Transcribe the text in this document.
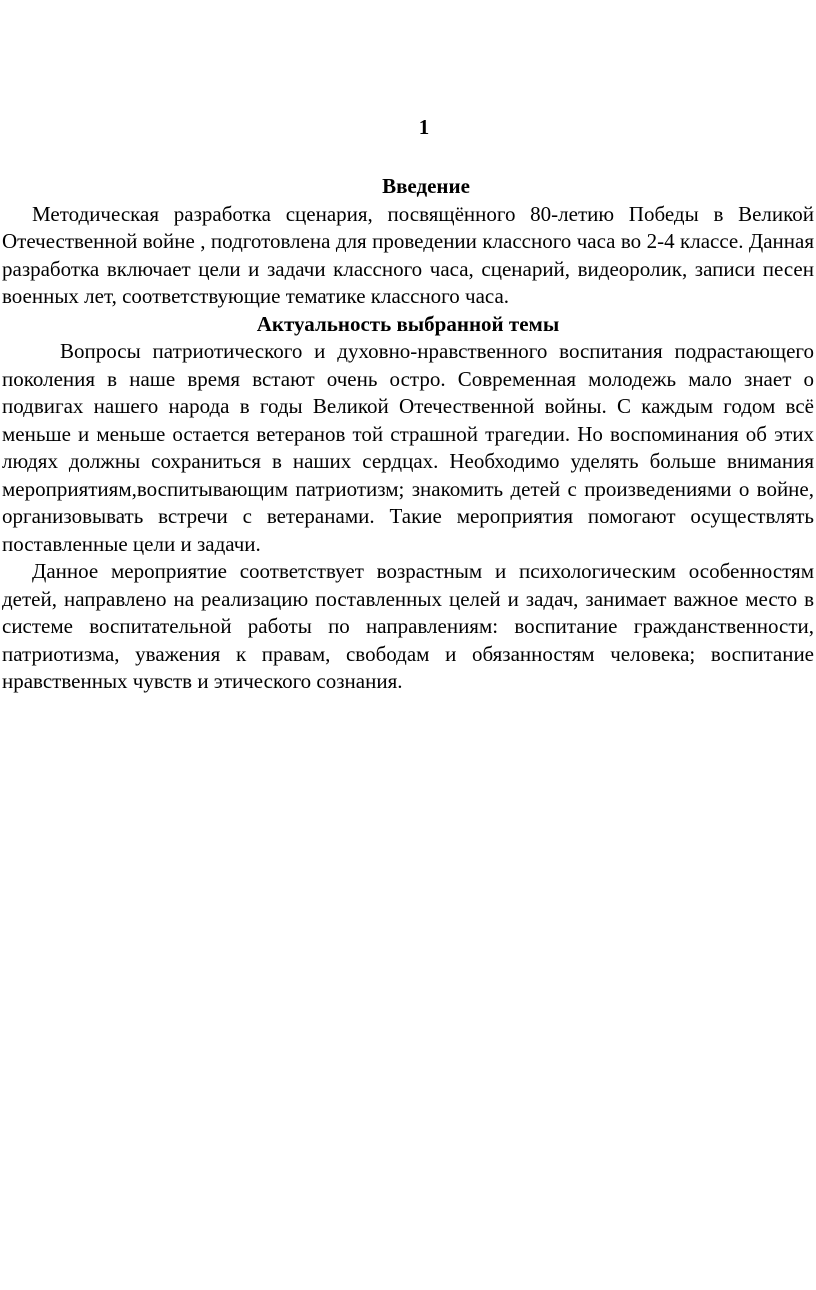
1
Введение

Методическая разработка сценария, посвящённого 80-летию Победы в Великой Отечественной войне , подготовлена для проведении классного часа во 2-4 классе. Данная разработка включает цели и задачи классного часа, сценарий, видеоролик, записи песен военных лет, соответствующие тематике классного часа.

Актуальность выбранной темы

Вопросы патриотического и духовно-нравственного воспитания подрастающего поколения в наше время встают очень остро. Современная молодежь мало знает о подвигах нашего народа в годы Великой Отечественной войны. С каждым годом всё меньше и меньше остается ветеранов той страшной трагедии. Но воспоминания об этих людях должны сохраниться в наших сердцах. Необходимо уделять больше внимания мероприятиям,воспитывающим патриотизм; знакомить детей с произведениями о войне, организовывать встречи с ветеранами. Такие мероприятия помогают осуществлять поставленные цели и задачи.

Данное мероприятие соответствует возрастным и психологическим особенностям детей, направлено на реализацию поставленных целей и задач, занимает важное место в системе воспитательной работы по направлениям: воспитание гражданственности, патриотизма, уважения к правам, свободам и обязанностям человека; воспитание нравственных чувств и этического сознания.
